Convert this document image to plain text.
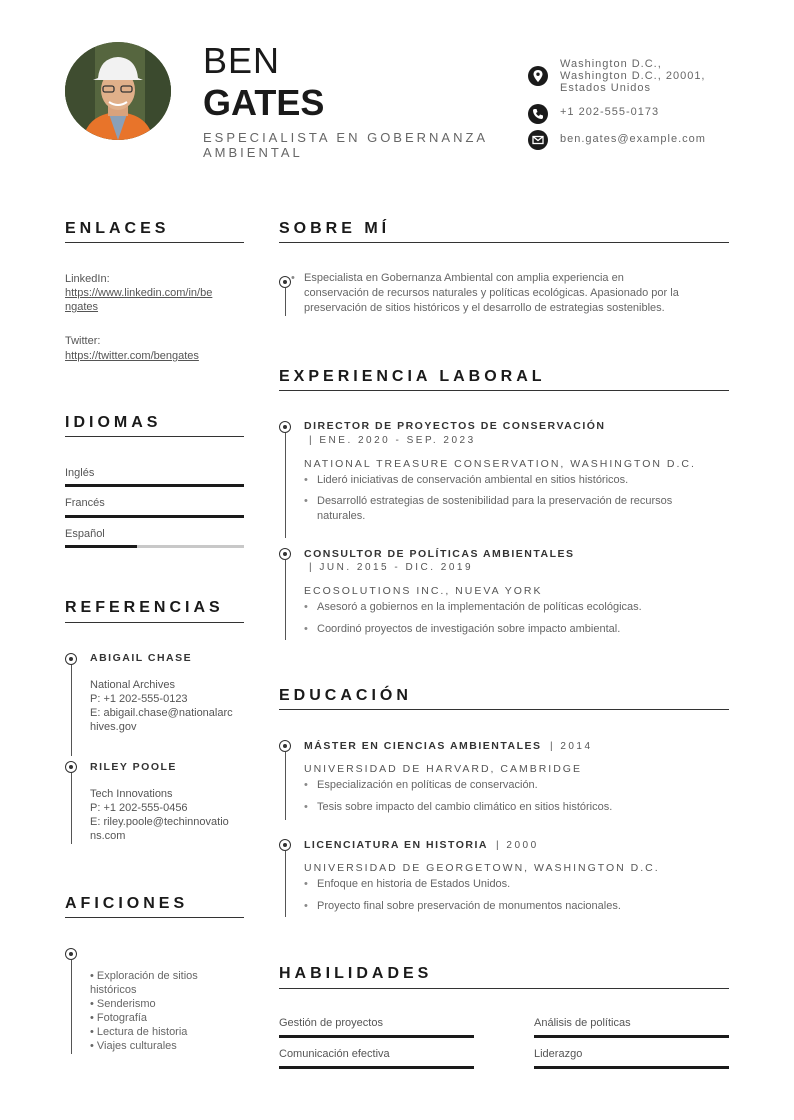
BEN
GATES
ESPECIALISTA EN GOBERNANZA
AMBIENTAL
Washington D.C.,
Washington D.C., 20001,
Estados Unidos
+1 202-555-0173
ben.gates@example.com
ENLACES
LinkedIn:
https://www.linkedin.com/in/be
ngates
Twitter:
https://twitter.com/bengates
IDIOMAS
Inglés
Francés
Español
REFERENCIAS
ABIGAIL CHASE
National Archives
P: +1 202-555-0123
E: abigail.chase@nationalarc
hives.gov
RILEY POOLE
Tech Innovations
P: +1 202-555-0456
E: riley.poole@techinnovatio
ns.com
AFICIONES
• Exploración de sitios
históricos
• Senderismo
• Fotografía
• Lectura de historia
• Viajes culturales
SOBRE MÍ
• Especialista en Gobernanza Ambiental con amplia experiencia en
conservación de recursos naturales y políticas ecológicas. Apasionado por la
preservación de sitios históricos y el desarrollo de estrategias sostenibles.
EXPERIENCIA LABORAL
DIRECTOR DE PROYECTOS DE CONSERVACIÓN
| ENE. 2020 - SEP. 2023
NATIONAL TREASURE CONSERVATION, WASHINGTON D.C.
• Lideró iniciativas de conservación ambiental en sitios históricos.
• Desarrolló estrategias de sostenibilidad para la preservación de recursos
naturales.
CONSULTOR DE POLÍTICAS AMBIENTALES
| JUN. 2015 - DIC. 2019
ECOSOLUTIONS INC., NUEVA YORK
• Asesoró a gobiernos en la implementación de políticas ecológicas.
• Coordinó proyectos de investigación sobre impacto ambiental.
EDUCACIÓN
MÁSTER EN CIENCIAS AMBIENTALES | 2014
UNIVERSIDAD DE HARVARD, CAMBRIDGE
• Especialización en políticas de conservación.
• Tesis sobre impacto del cambio climático en sitios históricos.
LICENCIATURA EN HISTORIA | 2000
UNIVERSIDAD DE GEORGETOWN, WASHINGTON D.C.
• Enfoque en historia de Estados Unidos.
• Proyecto final sobre preservación de monumentos nacionales.
HABILIDADES
Gestión de proyectos	Análisis de políticas
Comunicación efectiva	Liderazgo
